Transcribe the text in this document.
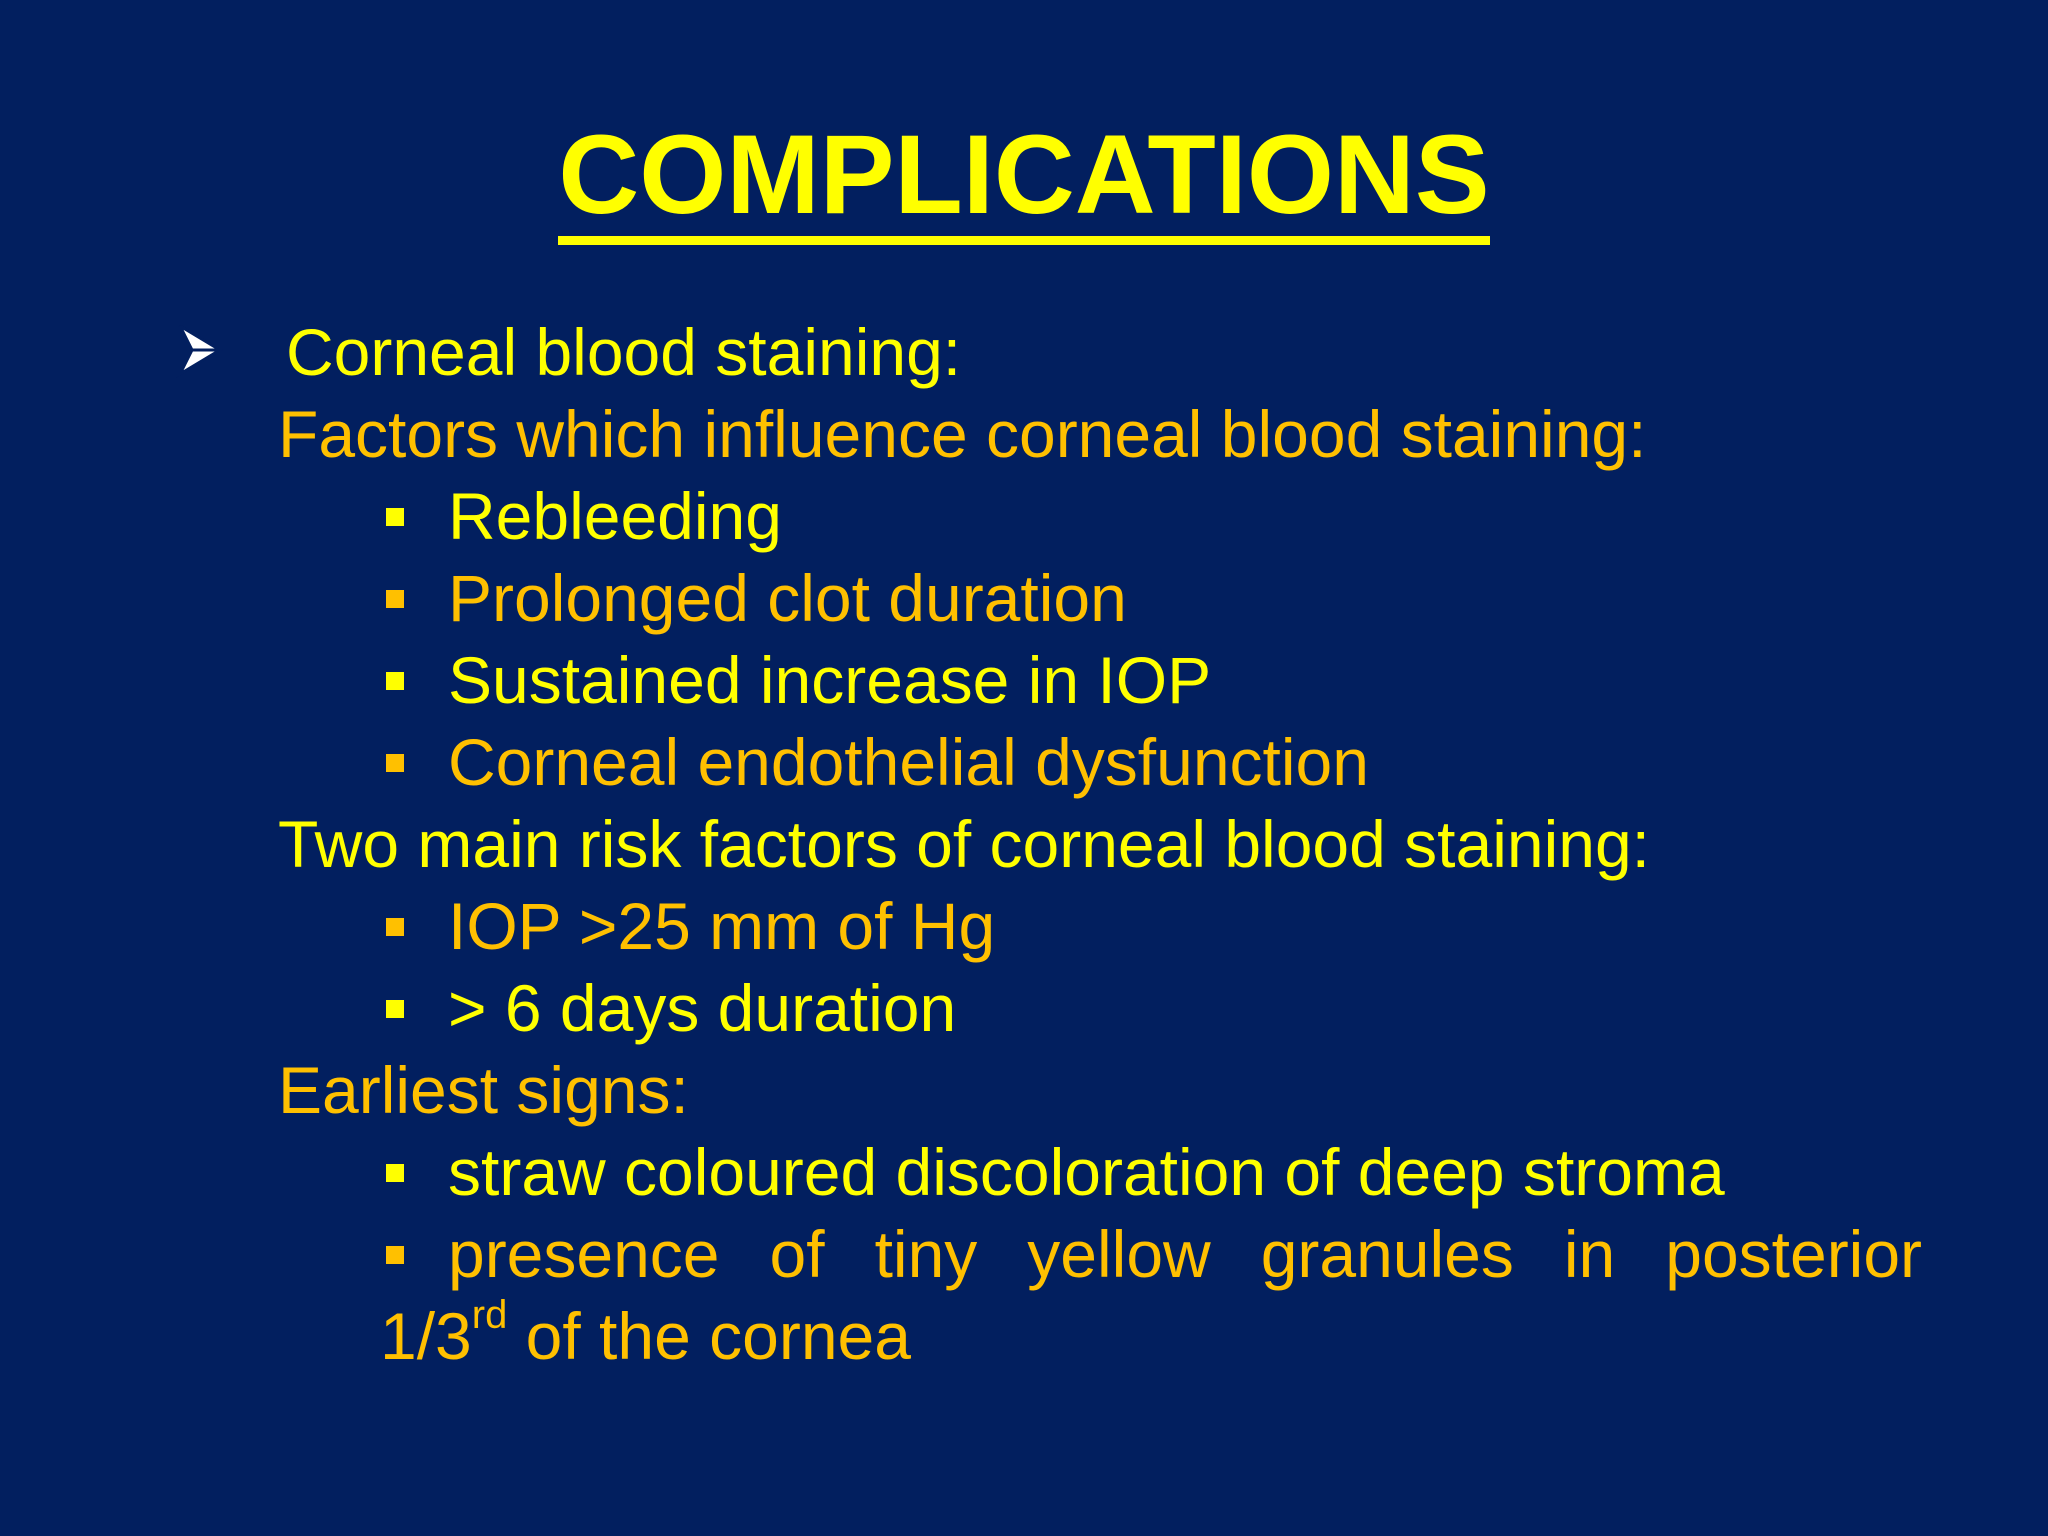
COMPLICATIONS
Corneal blood staining:
Factors which influence corneal blood staining:
Rebleeding
Prolonged clot duration
Sustained increase in IOP
Corneal endothelial dysfunction
Two main risk factors of corneal blood staining:
IOP >25 mm of Hg
> 6 days duration
Earliest signs:
straw coloured discoloration of deep stroma
presence of tiny yellow granules in posterior
1/3rd of the cornea
